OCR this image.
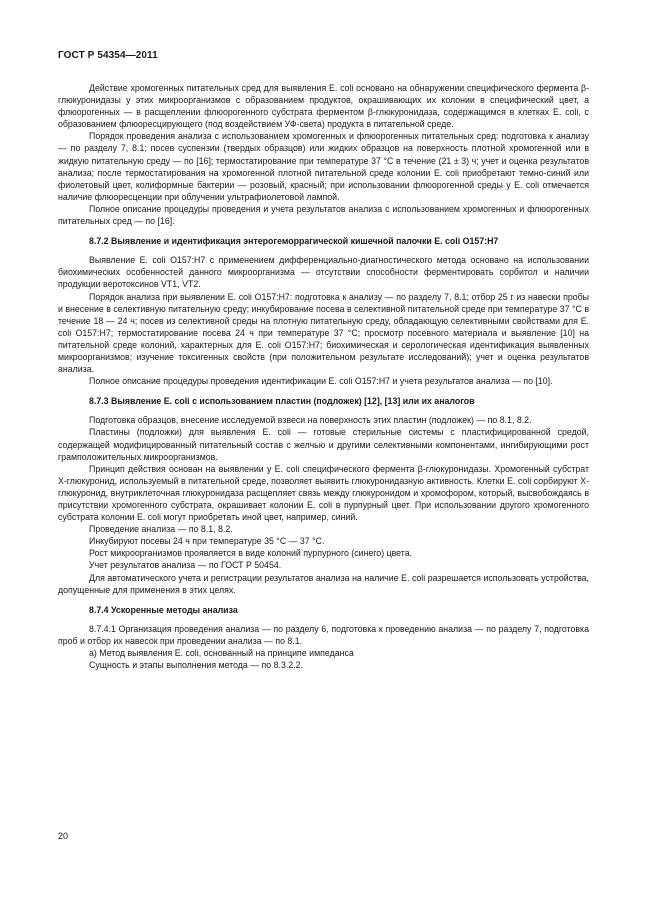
ГОСТ Р 54354—2011

Действие хромогенных питательных сред для выявления E. coli основано на обнаружении специфического фермента β-глюкуронидазы у этих микроорганизмов с образованием продуктов, окрашивающих их колонии в специфический цвет, а флюорогенных — в расщеплении флюорогенного субстрата ферментом β-глюкуронидаза, содержащимся в клетках E. coli, с образованием флюоресцирующего (под воздействием УФ-света) продукта в питательной среде.

Порядок проведения анализа с использованием хромогенных и флюорогенных питательных сред: подготовка к анализу — по разделу 7, 8.1; посев суспензии (твердых образцов) или жидких образцов на поверхность плотной хромогенной или в жидкую питательную среду — по [16]; термостатирование при температуре 37 °C в течение (21 ± 3) ч; учет и оценка результатов анализа; после термостатирования на хромогенной плотной питательной среде колонии E. coli приобретают темно-синий или фиолетовый цвет, колиформные бактерии — розовый, красный; при использовании флюорогенной среды у E. coli отмечается наличие флюоресценции при облучении ультрафиолетовой лампой.

Полное описание процедуры проведения и учета результатов анализа с использованием хромогенных и флюорогенных питательных сред — по [16].

8.7.2 Выявление и идентификация энтерогеморрагической кишечной палочки E. coli O157:H7

Выявление E. coli O157:H7 с применением дифференциально-диагностического метода основано на использовании биохимических особенностей данного микроорганизма — отсутствии способности ферментировать сорбитол и наличии продукции веротоксинов VT1, VT2.

Порядок анализа при выявлении E. coli O157:H7: подготовка к анализу — по разделу 7, 8.1; отбор 25 г из навески пробы и внесение в селективную питательную среду; инкубирование посева в селективной питательной среде при температуре 37 °C в течение 18 — 24 ч; посев из селективной среды на плотную питательную среду, обладающую селективными свойствами для E. coli O157:H7; термостатирование посева 24 ч при температуре 37 °C; просмотр посевного материала и выявление [10] на питательной среде колоний, характерных для E. coli O157:H7; биохимическая и серологическая идентификация выявленных микроорганизмов; изучение токсигенных свойств (при положительном результате исследований); учет и оценка результатов анализа.

Полное описание процедуры проведения идентификации E. coli O157:H7 и учета результатов анализа — по [10].

8.7.3 Выявление E. coli с использованием пластин (подложек) [12], [13] или их аналогов

Подготовка образцов, внесение исследуемой взвеси на поверхность этих пластин (подложек) — по 8.1, 8.2.

Пластины (подложки) для выявления E. coli — готовые стерильные системы с пластифицированной средой, содержащей модифицированный питательный состав с желчью и другими селективными компонентами, ингибирующими рост грамположительных микроорганизмов.

Принцип действия основан на выявлении у E. coli специфического фермента β-глюкуронидазы. Хромогенный субстрат X-глюкуронид, используемый в питательной среде, позволяет выявить глюкуронидазную активность. Клетки E. coli сорбируют X-глюкуронид, внутриклеточная глюкуронидаза расщепляет связь между глюкуронидом и хромофором, который, высвобождаясь в присутствии хромогенного субстрата, окрашивает колонии E. coli в пурпурный цвет. При использовании другого хромогенного субстрата колонии E. coli могут приобретать иной цвет, например, синий.

Проведение анализа — по 8.1, 8.2.

Инкубируют посевы 24 ч при температуре 35 °C — 37 °C.

Рост микроорганизмов проявляется в виде колоний пурпурного (синего) цвета.

Учет результатов анализа — по ГОСТ Р 50454.

Для автоматического учета и регистрации результатов анализа на наличие E. coli разрешается использовать устройства, допущенные для применения в этих целях.

8.7.4 Ускоренные методы анализа

8.7.4.1 Организация проведения анализа — по разделу 6, подготовка к проведению анализа — по разделу 7, подготовка проб и отбор их навесок при проведении анализа — по 8.1.

а) Метод выявления E. coli, основанный на принципе импеданса

Сущность и этапы выполнения метода — по 8.3.2.2.

20
